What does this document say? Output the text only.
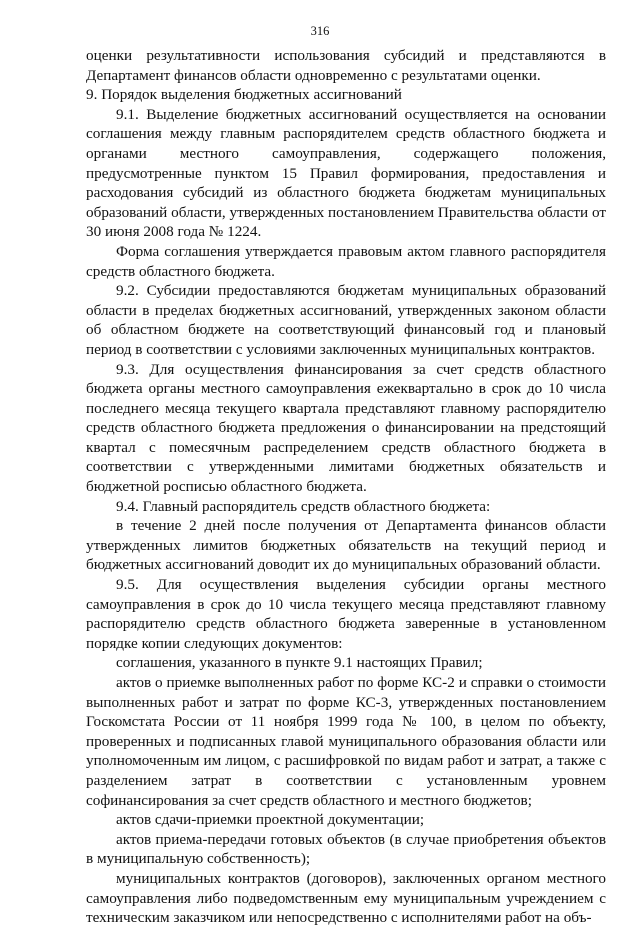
316

оценки результативности использования субсидий и представляются в Департамент финансов области одновременно с результатами оценки.

9. Порядок выделения бюджетных ассигнований

9.1. Выделение бюджетных ассигнований осуществляется на основании соглашения между главным распорядителем средств областного бюджета и органами местного самоуправления, содержащего положения, предусмотренные пунктом 15 Правил формирования, предоставления и расходования субсидий из областного бюджета бюджетам муниципальных образований области, утвержденных постановлением Правительства области от 30 июня 2008 года № 1224.

Форма соглашения утверждается правовым актом главного распорядителя средств областного бюджета.

9.2. Субсидии предоставляются бюджетам муниципальных образований области в пределах бюджетных ассигнований, утвержденных законом области об областном бюджете на соответствующий финансовый год и плановый период в соответствии с условиями заключенных муниципальных контрактов.

9.3. Для осуществления финансирования за счет средств областного бюджета органы местного самоуправления ежеквартально в срок до 10 числа последнего месяца текущего квартала представляют главному распорядителю средств областного бюджета предложения о финансировании на предстоящий квартал с помесячным распределением средств областного бюджета в соответствии с утвержденными лимитами бюджетных обязательств и бюджетной росписью областного бюджета.

9.4. Главный распорядитель средств областного бюджета:

в течение 2 дней после получения от Департамента финансов области утвержденных лимитов бюджетных обязательств на текущий период и бюджетных ассигнований доводит их до муниципальных образований области.

9.5. Для осуществления выделения субсидии органы местного самоуправления в срок до 10 числа текущего месяца представляют главному распорядителю средств областного бюджета заверенные в установленном порядке копии следующих документов:

соглашения, указанного в пункте 9.1 настоящих Правил;

актов о приемке выполненных работ по форме КС-2 и справки о стоимости выполненных работ и затрат по форме КС-3, утвержденных постановлением Госкомстата России от 11 ноября 1999 года № 100, в целом по объекту, проверенных и подписанных главой муниципального образования области или уполномоченным им лицом, с расшифровкой по видам работ и затрат, а также с разделением затрат в соответствии с установленным уровнем софинансирования за счет средств областного и местного бюджетов;

актов сдачи-приемки проектной документации;

актов приема-передачи готовых объектов (в случае приобретения объектов в муниципальную собственность);

муниципальных контрактов (договоров), заключенных органом местного самоуправления либо подведомственным ему муниципальным учреждением с техническим заказчиком или непосредственно с исполнителями работ на объ-
